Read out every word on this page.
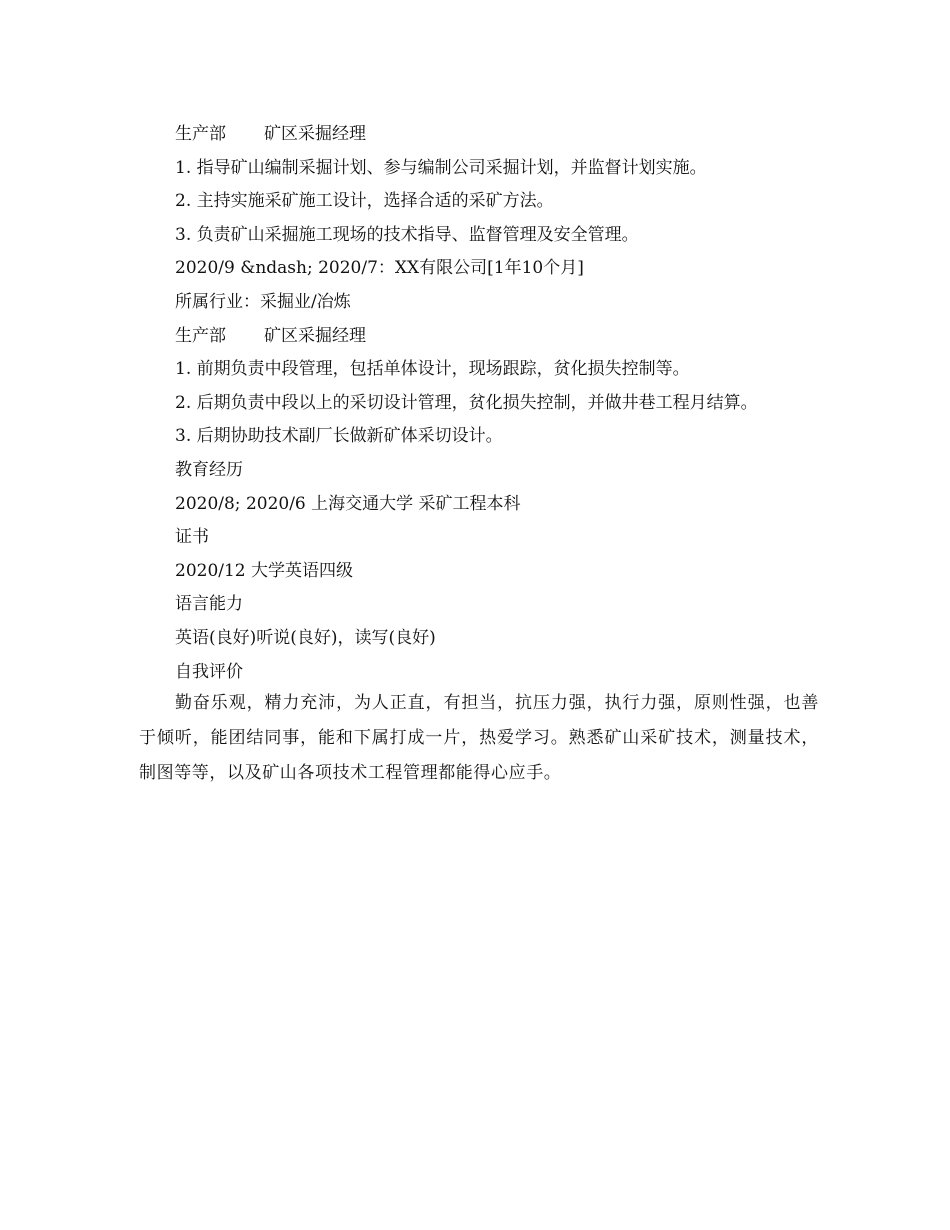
生产部 矿区采掘经理
1. 指导矿山编制采掘计划、参与编制公司采掘计划，并监督计划实施。
2. 主持实施采矿施工设计，选择合适的采矿方法。
3. 负责矿山采掘施工现场的技术指导、监督管理及安全管理。
2020/9 &ndash; 2020/7：XX有限公司[1年10个月]
所属行业：采掘业/冶炼
生产部 矿区采掘经理
1. 前期负责中段管理，包括单体设计，现场跟踪，贫化损失控制等。
2. 后期负责中段以上的采切设计管理，贫化损失控制，并做井巷工程月结算。
3. 后期协助技术副厂长做新矿体采切设计。
教育经历
2020/8; 2020/6 上海交通大学 采矿工程本科
证书
2020/12 大学英语四级
语言能力
英语(良好)听说(良好)，读写(良好)
自我评价
勤奋乐观，精力充沛，为人正直，有担当，抗压力强，执行力强，原则性强，也善于倾听，能团结同事，能和下属打成一片，热爱学习。熟悉矿山采矿技术，测量技术，制图等等，以及矿山各项技术工程管理都能得心应手。
